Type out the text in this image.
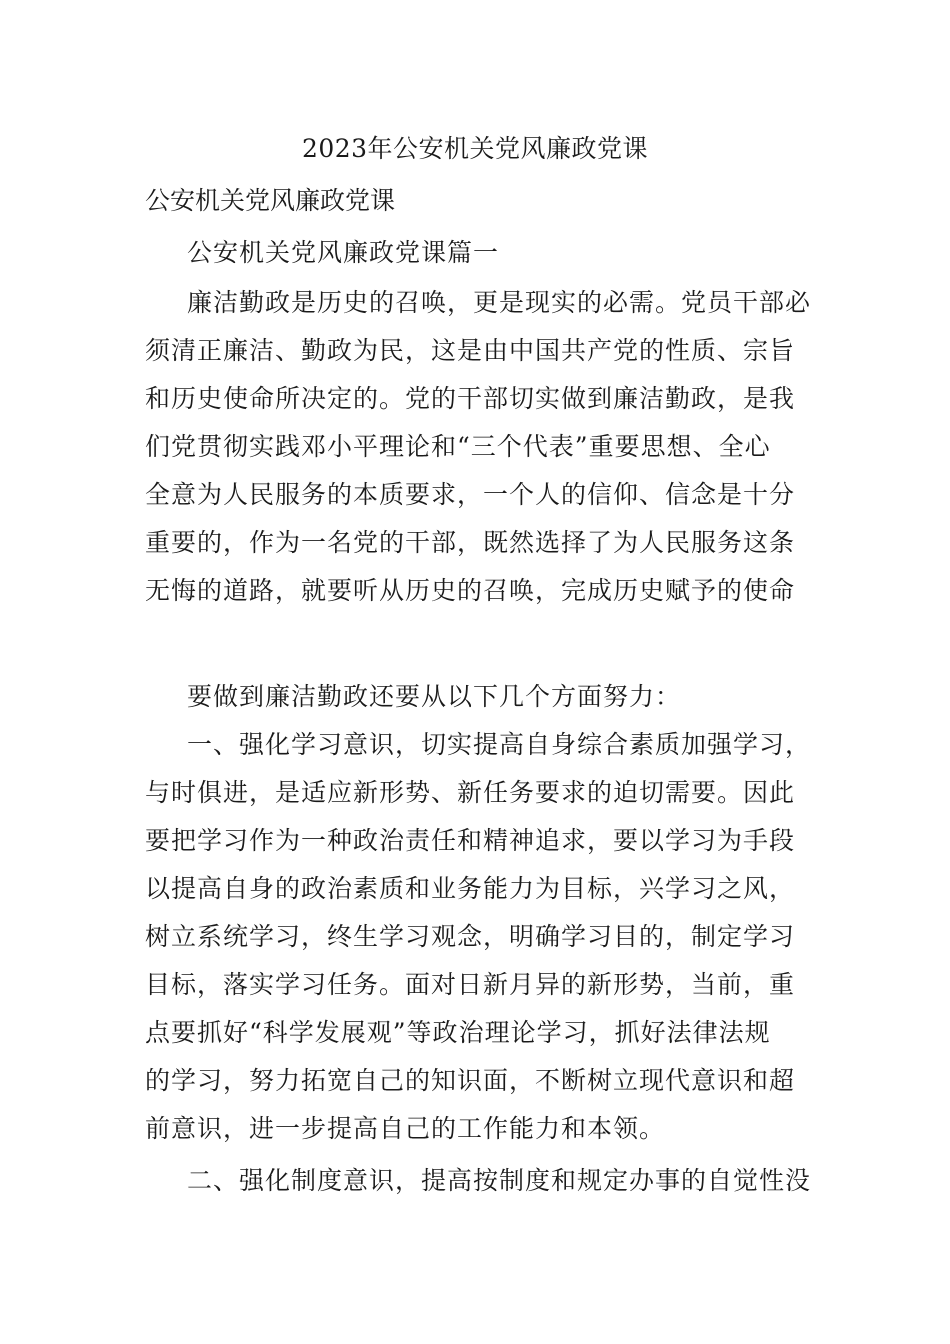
2023年公安机关党风廉政党课
公安机关党风廉政党课
公安机关党风廉政党课篇一
廉洁勤政是历史的召唤，更是现实的必需。党员干部必
须清正廉洁、勤政为民，这是由中国共产党的性质、宗旨
和历史使命所决定的。党的干部切实做到廉洁勤政，是我
们党贯彻实践邓小平理论和“三个代表”重要思想、全心
全意为人民服务的本质要求，一个人的信仰、信念是十分
重要的，作为一名党的干部，既然选择了为人民服务这条
无悔的道路，就要听从历史的召唤，完成历史赋予的使命
要做到廉洁勤政还要从以下几个方面努力：
一、强化学习意识，切实提高自身综合素质加强学习，
与时俱进，是适应新形势、新任务要求的迫切需要。因此
要把学习作为一种政治责任和精神追求，要以学习为手段
以提高自身的政治素质和业务能力为目标，兴学习之风，
树立系统学习，终生学习观念，明确学习目的，制定学习
目标，落实学习任务。面对日新月异的新形势，当前，重
点要抓好“科学发展观”等政治理论学习，抓好法律法规
的学习，努力拓宽自己的知识面，不断树立现代意识和超
前意识，进一步提高自己的工作能力和本领。
二、强化制度意识，提高按制度和规定办事的自觉性没
